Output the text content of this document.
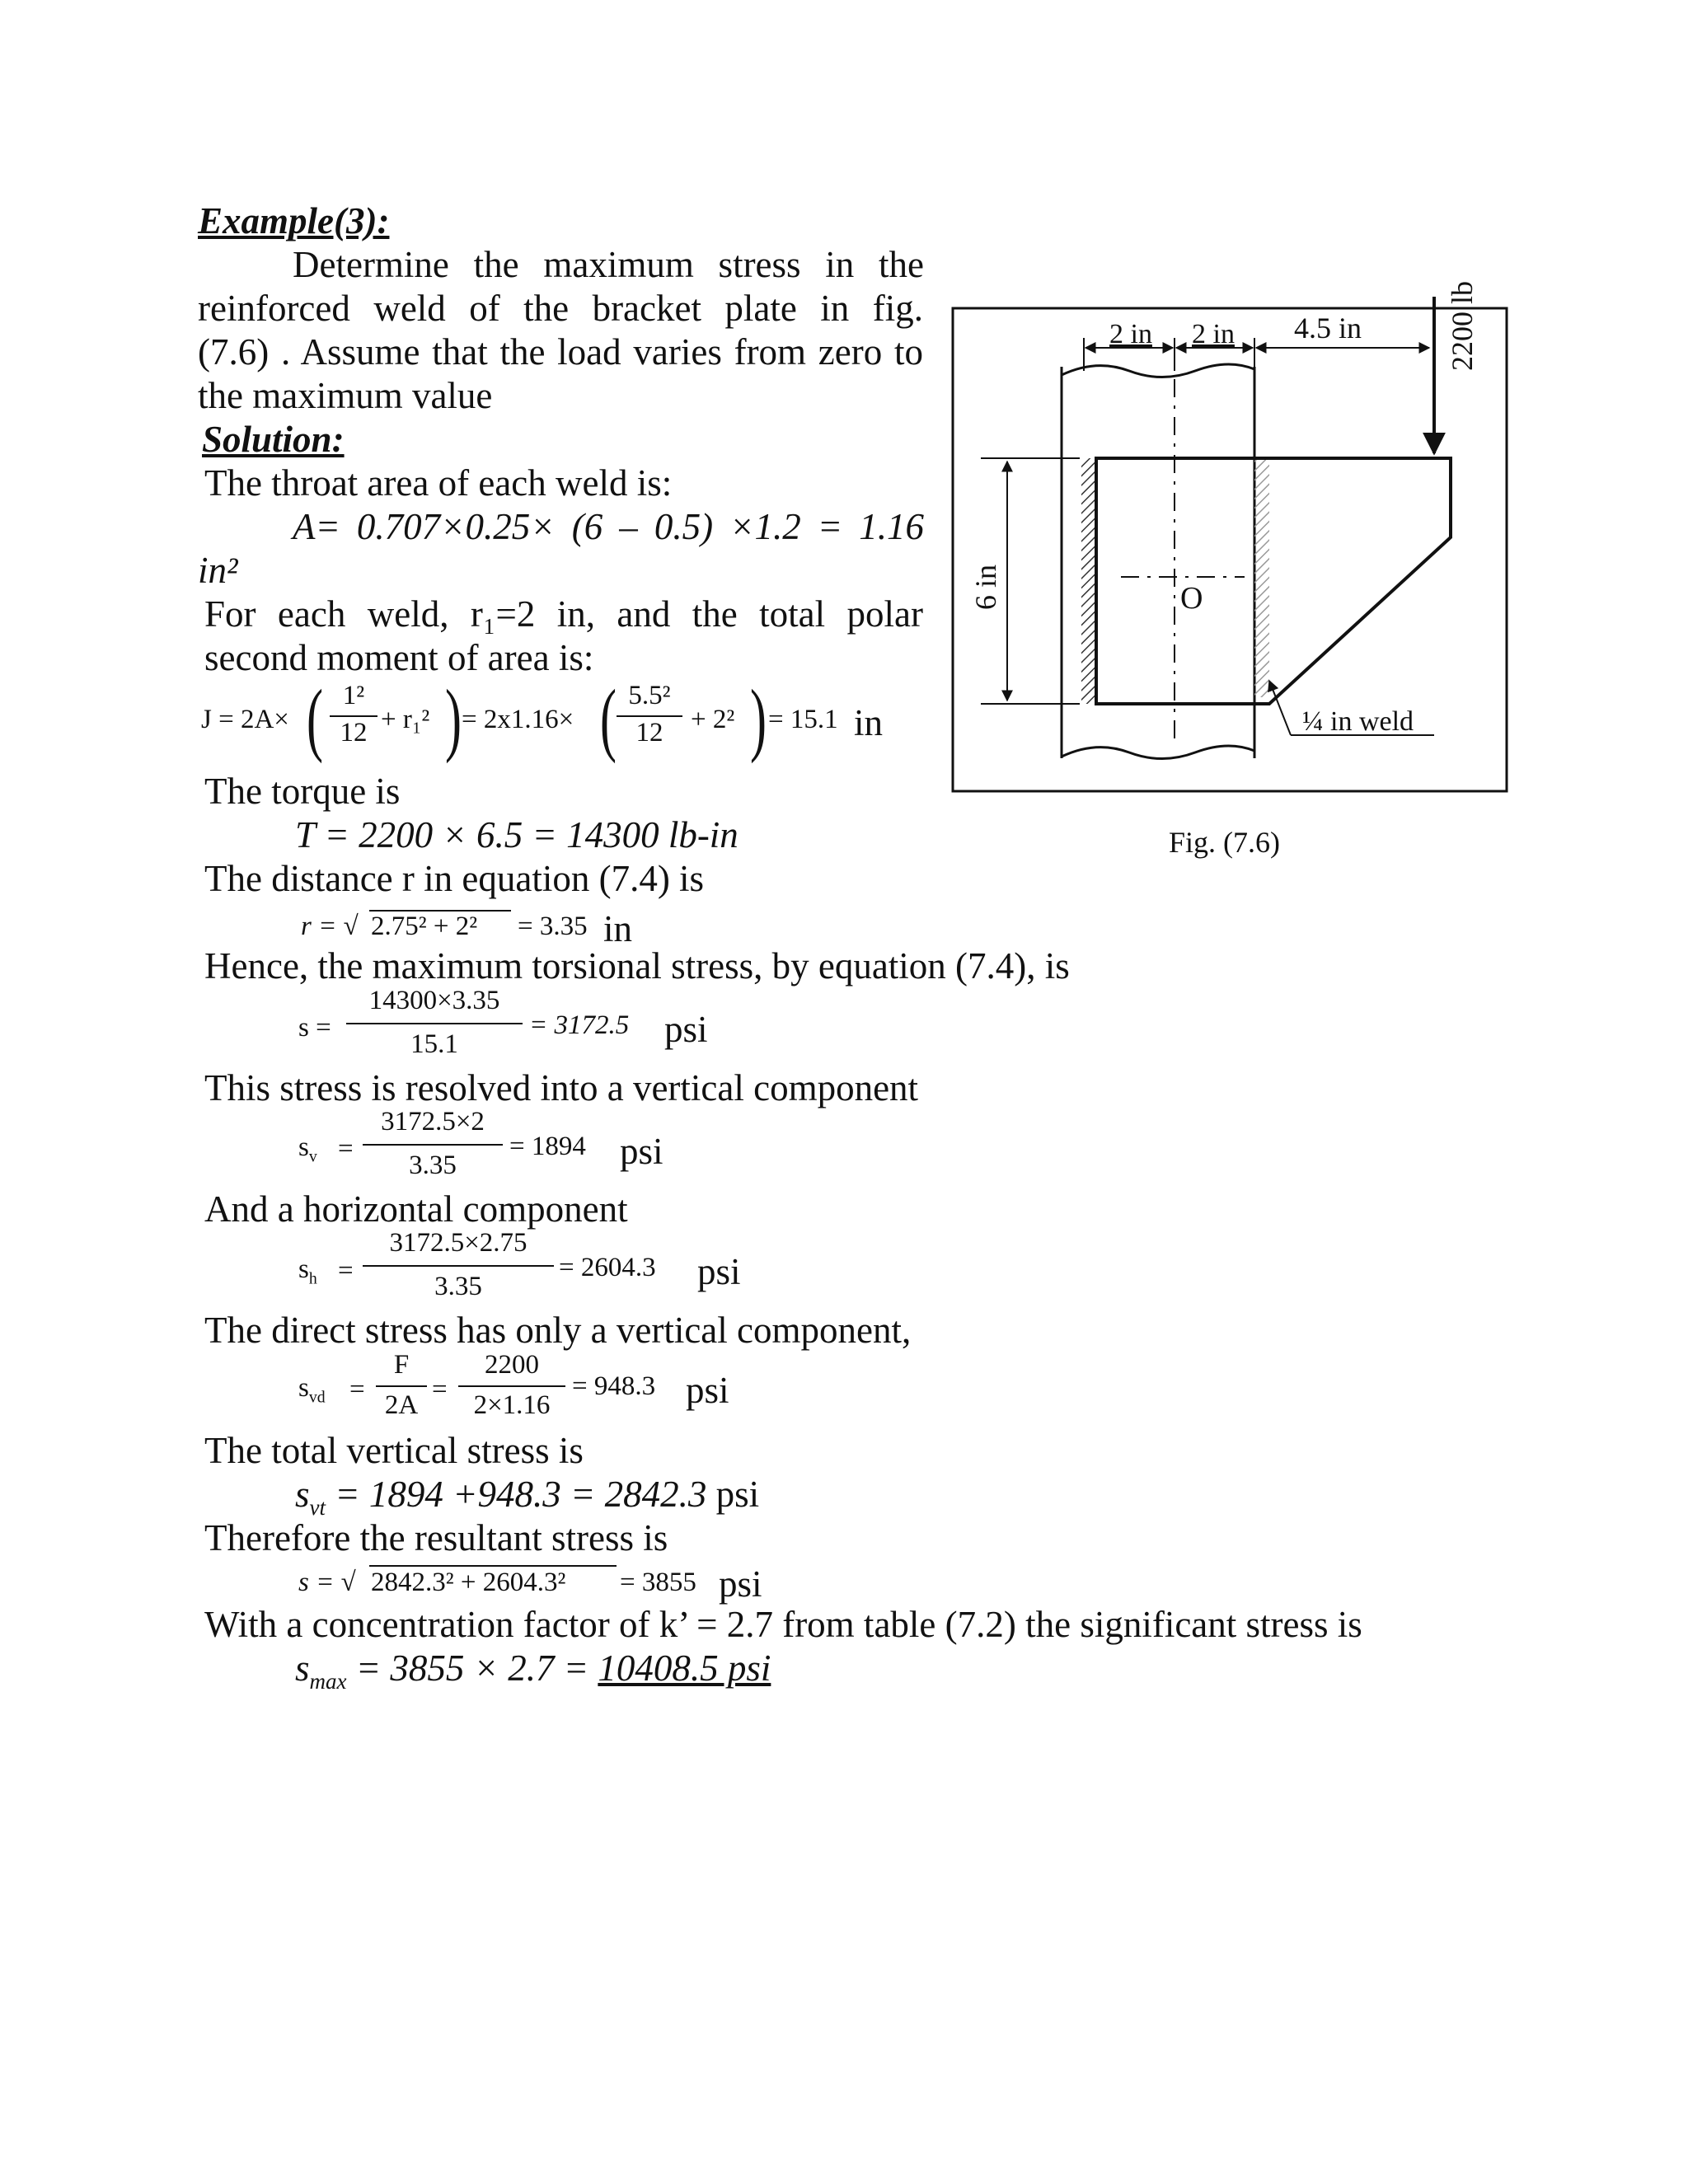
Example(3):
Determine the maximum stress in the
reinforced weld of the bracket plate in fig.
(7.6) . Assume that the load varies from zero to
the maximum value
Solution:
The throat area of each weld is:
A= 0.707×0.25× (6 – 0.5) ×1.2 = 1.16
in²
For each weld, r₁=2 in, and the total polar
second moment of area is:
J = 2A× ( 1²
12 + r₁² ) = 2x1.16× ( 5.5²
12	+ 2² ) = 15.1 in
The torque is
T = 2200 × 6.5 = 14300 lb-in
The distance r in equation (7.4) is
r = √ 2.75² + 2² = 3.35 in
Hence, the maximum torsional stress, by equation (7.4), is
s =
14300×3.35
15.1
= 3172.5 psi
This stress is resolved into a vertical component
$s_v$ =
3172.5×2
3.35
= 1894 psi
And a horizontal component
$s_h$ =
3172.5×2.75
3.35
= 2604.3 psi
The direct stress has only a vertical component,
$s_{vd}$ =
F
2A
=
2200
2×1.16
= 948.3 psi
The total vertical stress is
$s_{vt} = 1894 +948.3 = 2842.3$ psi
Therefore the resultant stress is
s = √ 2842.3² + 2604.3² = 3855 psi
With a concentration factor of k’ = 2.7 from table (7.2) the significant stress is
$s_{max} = 3855 \times 2.7 = 10408.5$ psi
O
2 in 2 in 4.5 in	2200 lb
6 in
¼ in weld
Fig. (7.6)
